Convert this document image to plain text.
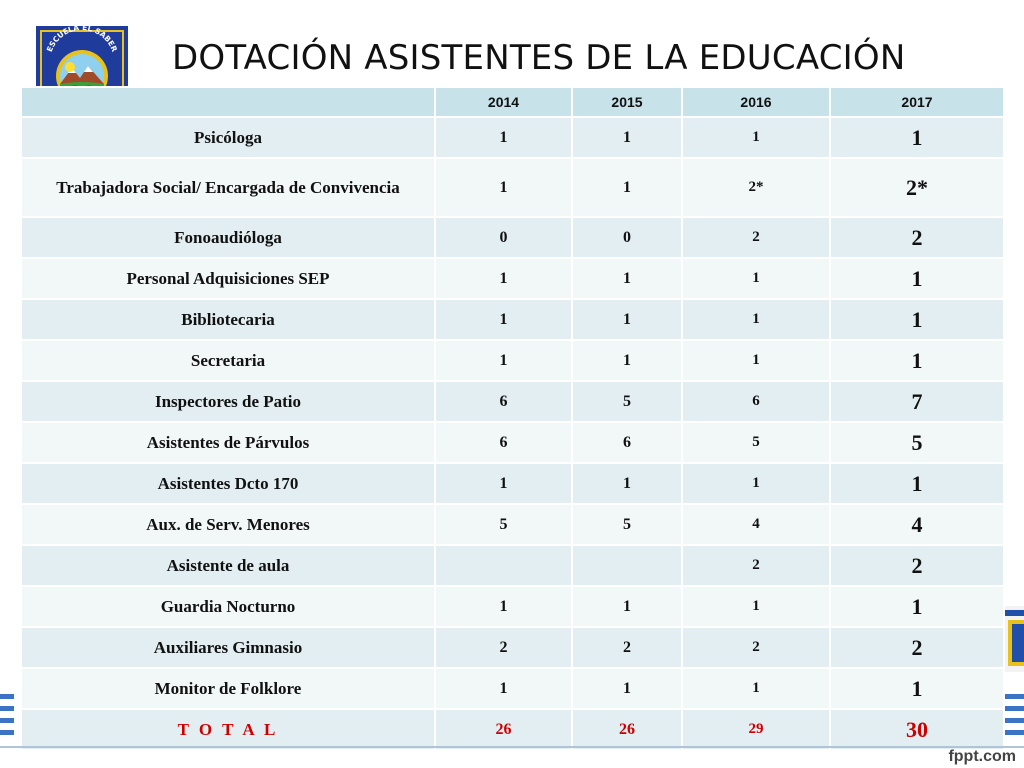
ESCUELA EL SABER DOTACIÓN ASISTENTES DE LA EDUCACIÓN
	2014	2015	2016	2017
Psicóloga	1	1	1	1
Trabajadora Social/ Encargada de Convivencia	1	1	2*	2*
Fonoaudióloga	0	0	2	2
Personal Adquisiciones SEP	1	1	1	1
Bibliotecaria	1	1	1	1
Secretaria	1	1	1	1
Inspectores de Patio	6	5	6	7
Asistentes de Párvulos	6	6	5	5
Asistentes Dcto 170	1	1	1	1
Aux. de Serv. Menores	5	5	4	4
Asistente de aula			2	2
Guardia Nocturno	1	1	1	1
Auxiliares Gimnasio	2	2	2	2
Monitor de Folklore	1	1	1	1
T O T A L	26	26	29	30
fppt.com
